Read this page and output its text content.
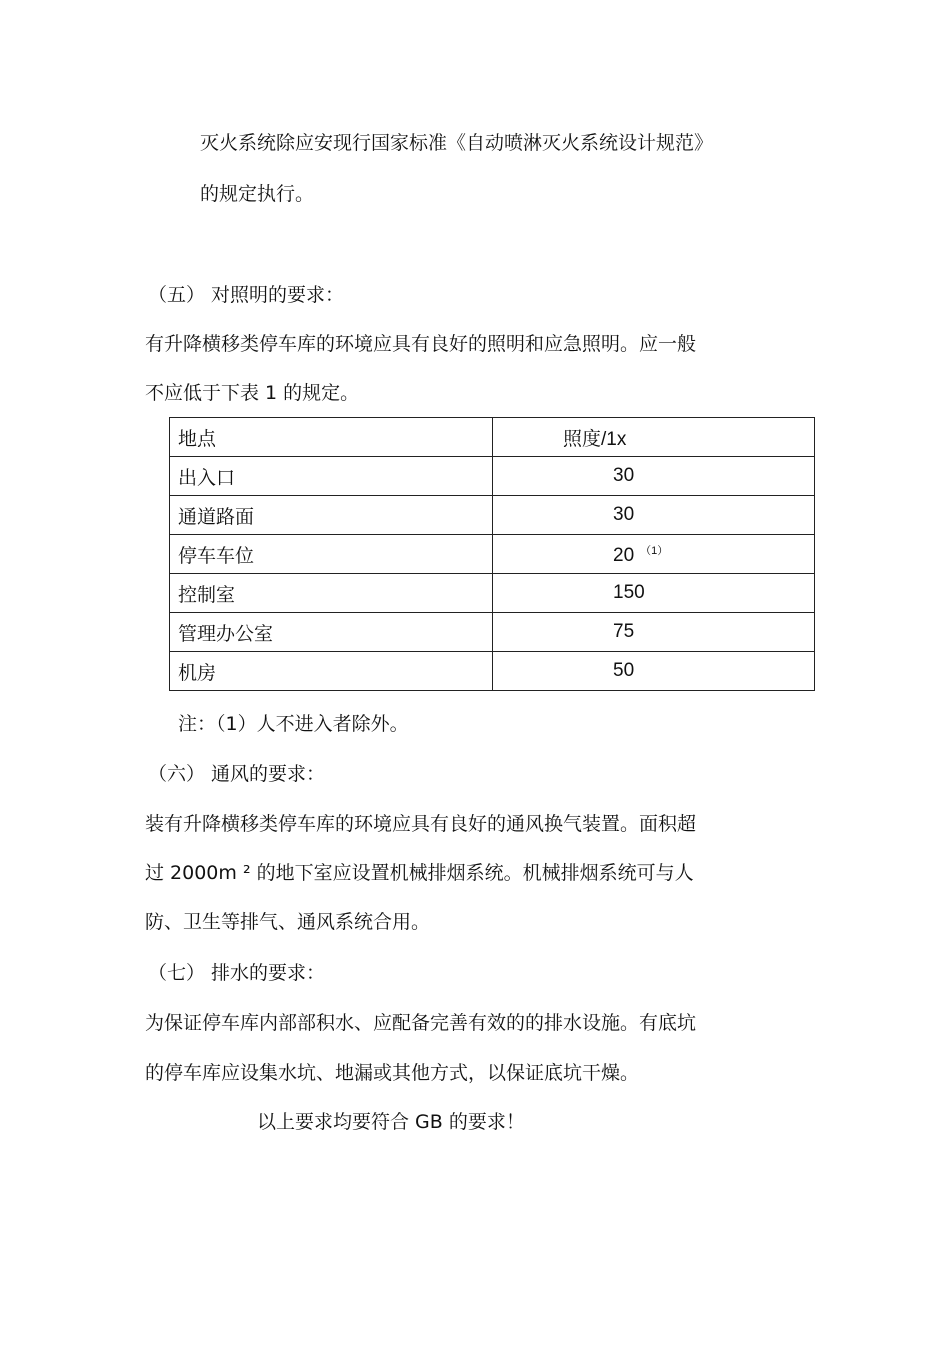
灭火系统除应安现行国家标准《自动喷淋灭火系统设计规范》
的规定执行。
（五） 对照明的要求：
有升降横移类停车库的环境应具有良好的照明和应急照明。应一般
不应低于下表 1 的规定。
地点	照度/1x
出入口	30
通道路面	30
停车车位	20 $^{(1)}$
控制室	150
管理办公室	75
机房	50
注：（1）人不进入者除外。
（六） 通风的要求：
装有升降横移类停车库的环境应具有良好的通风换气装置。面积超
过 2000m ² 的地下室应设置机械排烟系统。机械排烟系统可与人
防、卫生等排气、通风系统合用。
（七） 排水的要求：
为保证停车库内部部积水、应配备完善有效的的排水设施。有底坑
的停车库应设集水坑、地漏或其他方式，以保证底坑干燥。
以上要求均要符合 GB 的要求！
